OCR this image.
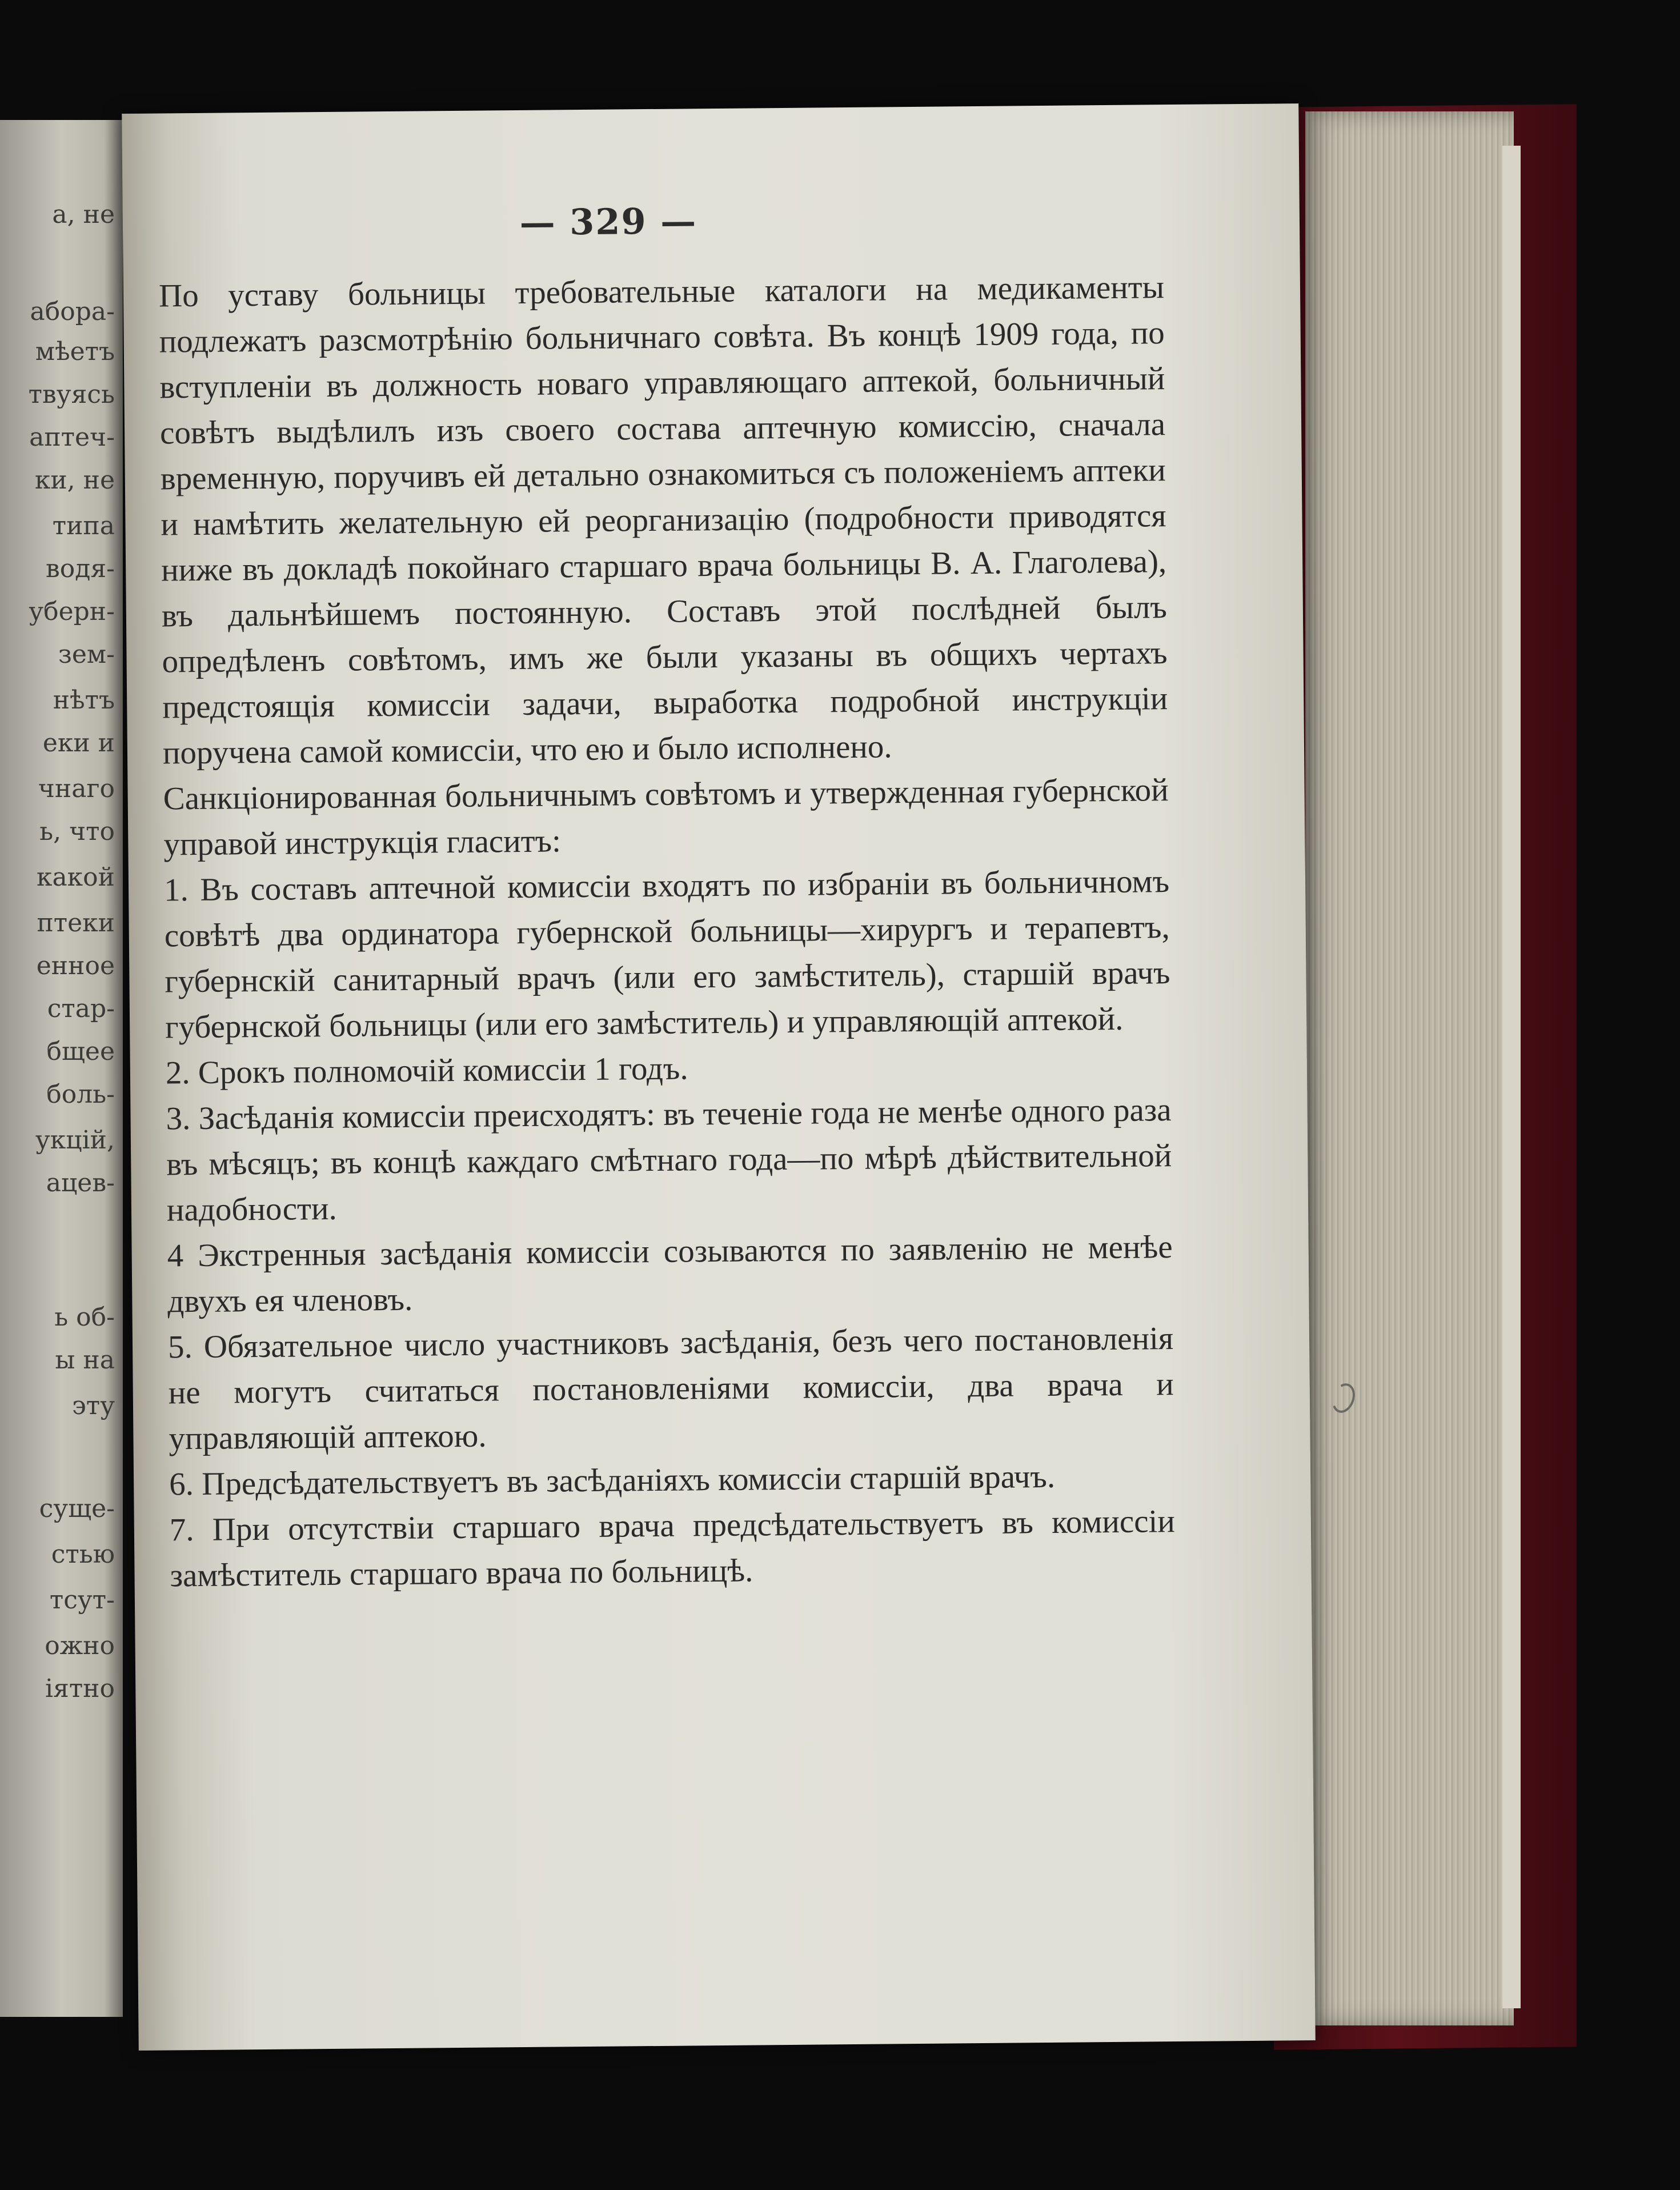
а, не
абора-
мѣетъ
твуясь
аптеч-
ки, не
типа
водя-
уберн-
зем-
нѣтъ
еки и
чнаго
ь, что
какой
птеки
енное
стар-
бщее
боль-
укцій,
ацев-
ь об-
ы на
эту
суще-
стью
тсут-
ожно
іятно
— 329 —

По уставу больницы требовательные каталоги на медикаменты подлежатъ разсмотрѣнію больничнаго совѣта. Въ концѣ 1909 года, по вступленіи въ должность новаго управляющаго аптекой, больничный совѣтъ выдѣлилъ изъ своего состава аптечную комиссію, сначала временную, поручивъ ей детально ознакомиться съ положеніемъ аптеки и намѣтить желательную ей реорганизацію (подробности приводятся ниже въ докладѣ покойнаго старшаго врача больницы В. А. Глаголева), въ дальнѣйшемъ постоянную. Составъ этой послѣдней былъ опредѣленъ совѣтомъ, имъ же были указаны въ общихъ чертахъ предстоящія комиссіи задачи, выработка подробной инструкціи поручена самой комиссіи, что ею и было исполнено.

Санкціонированная больничнымъ совѣтомъ и утвержденная губернской управой инструкція гласитъ:

1. Въ составъ аптечной комиссіи входятъ по избраніи въ больничномъ совѣтѣ два ординатора губернской больницы—хирургъ и терапевтъ, губернскій санитарный врачъ (или его замѣститель), старшій врачъ губернской больницы (или его замѣститель) и управляющій аптекой.

2. Срокъ полномочій комиссіи 1 годъ.

3. Засѣданія комиссіи преисходятъ: въ теченіе года не менѣе одного раза въ мѣсяцъ; въ концѣ каждаго смѣтнаго года—по мѣрѣ дѣйствительной надобности.

4 Экстренныя засѣданія комиссіи созываются по заявленію не менѣе двухъ ея членовъ.

5. Обязательное число участниковъ засѣданія, безъ чего постановленія не могутъ считаться постановленіями комиссіи, два врача и управляющій аптекою.

6. Предсѣдательствуетъ въ засѣданіяхъ комиссіи старшій врачъ.

7. При отсутствіи старшаго врача предсѣдательствуетъ въ комиссіи замѣститель старшаго врача по больницѣ.
